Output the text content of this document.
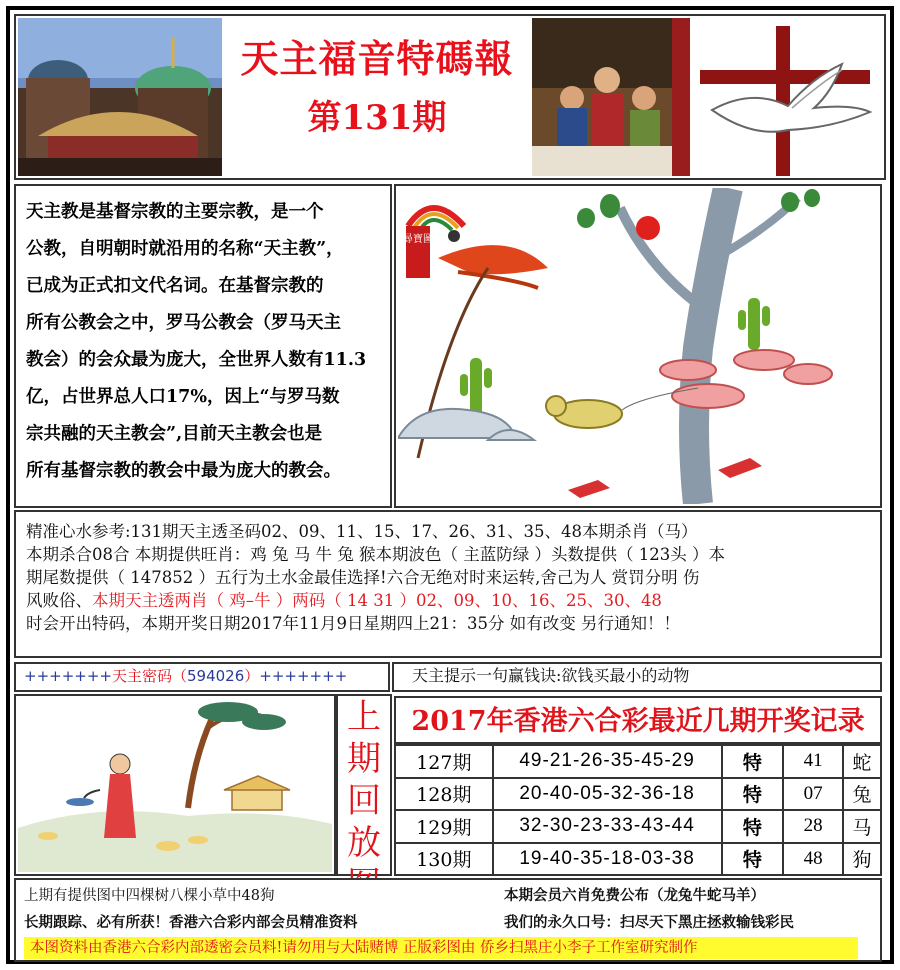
天主福音特碼報
第131期
天主教是基督宗教的主要宗教，是一个
公教，自明朝时就沿用的名称“天主教”，
已成为正式扣文代名词。在基督宗教的
所有公教会之中，罗马公教会（罗马天主
教会）的会众最为庞大，全世界人数有11.3
亿，占世界总人口17%，因上“与罗马数
宗共融的天主教会”,目前天主教会也是
所有基督宗教的教会中最为庞大的教会。
尋寶圖
精准心水参考:131期天主透圣码02、09、11、15、17、26、31、35、48本期杀肖（马）
本期杀合08合 本期提供旺肖：鸡 兔 马 牛 兔 猴本期波色（ 主蓝防绿 ）头数提供（ 123头 ）本
期尾数提供（ 147852 ）五行为土水金最佳选择!六合无绝对时来运转,舍己为人 赏罚分明 伤
风败俗、本期天主透两肖（ 鸡–牛 ）两码（ 14 31 ）02、09、10、16、25、30、48
时会开出特码，本期开奖日期2017年11月9日星期四上21：35分 如有改变 另行通知！！
+++++++天主密码（594026）+++++++	天主提示一句赢钱诀:欲钱买最小的动物
上
期
回
放
2017年香港六合彩最近几期开奖记录
127期	49-21-26-35-45-29	特	41	蛇
128期	20-40-05-32-36-18	特	07	兔
129期	32-30-23-33-43-44	特	28	马
130期	19-40-35-18-03-38	特	48	狗
上期有提供图中四棵树八棵小草中48狗	本期会员六肖免费公布（龙兔牛蛇马羊）
长期跟踪、必有所获！香港六合彩内部会员精准资料	我们的永久口号：扫尽天下黑庄拯救输钱彩民
本图资料由香港六合彩内部透密会员料!请勿用与大陆赌博 正版彩图由 侨乡扫黑庄小李子工作室研究制作
